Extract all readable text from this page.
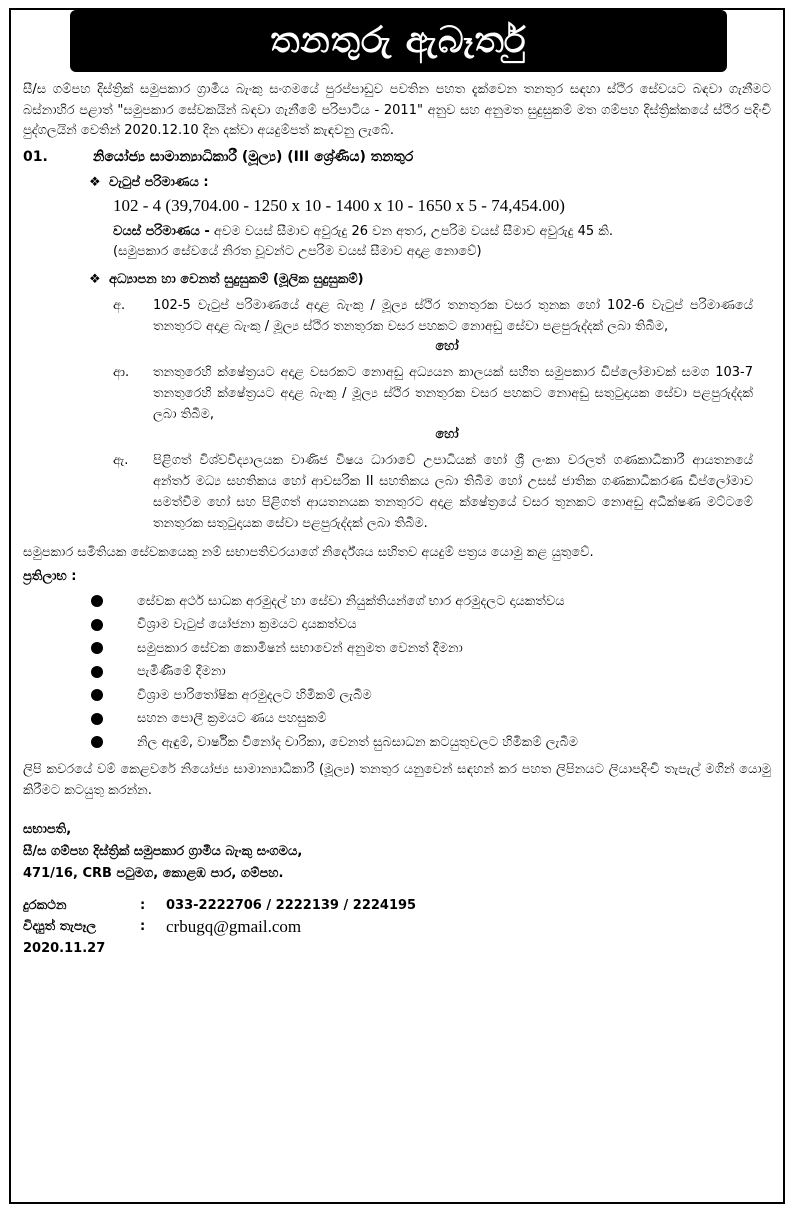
තනතුරු ඇබෑර්තු

සී/ස ගම්පහ දිස්ත්‍රික් සමුපකාර ග්‍රාමීය බැංකු සංගමයේ පුරප්පාඩුව පවතින පහත දැක්වෙන තනතුර සඳහා ස්ථිර සේවයට බඳවා ගැනීමට බස්නාහිර පළාත් "සමුපකාර සේවකයින් බඳවා ගැනීමේ පරිපාටිය - 2011" අනුව සහ අනුමත සුදුසුකම් මත ගම්පහ දිස්ත්‍රික්කයේ ස්ථිර පදිංචි පුද්ගලයින් වෙතින් 2020.12.10 දින දක්වා අයදුම්පත් කැඳවනු ලැබේ.

01.	නියෝජ්‍ය සාමාන්‍යාධිකාරී (මූල්‍ය) (III ශ්‍රේණිය) තනතුර
❖ වැටුප් පරිමාණය :
102 - 4 (39,704.00 - 1250 x 10 - 1400 x 10 - 1650 x 5 - 74,454.00)
වයස් පරිමාණය - අවම වයස් සීමාව අවුරුදු 26 වන අතර, උපරිම වයස් සීමාව අවුරුදු 45 කි.
(සමුපකාර සේවයේ නිරත වූවන්ට උපරිම වයස් සීමාව අදාළ නොවේ)
❖ අධ්‍යාපන හා වෙනත් සුදුසුකම් (මූලික සුදුසුකම්)
අ.	102-5 වැටුප් පරිමාණයේ අදාළ බැංකු / මූල්‍ය ස්ථිර තනතුරක වසර තුනක හෝ 102-6 වැටුප් පරිමාණයේ තනතුරට අදාළ බැංකු / මූල්‍ය ස්ථිර තනතුරක වසර පහකට නොඅඩු සේවා පළපුරුද්දක් ලබා තිබීම,
හෝ
ආ.	තනතුරෙහි ක්ෂේත්‍රයට අදාළ වසරකට නොඅඩු අධ්‍යයන කාලයක් සහිත සමුපකාර ඩිප්ලෝමාවක් සමග 103-7 තනතුරෙහි ක්ෂේත්‍රයට අදාළ බැංකු / මූල්‍ය ස්ථිර තනතුරක වසර පහකට නොඅඩු සතුටුදායක සේවා පළපුරුද්දක් ලබා තිබීම,
හෝ
ඇ.	පිළිගත් විශ්වවිද්‍යාලයක වාණිජ විෂය ධාරාවේ උපාධියක් හෝ ශ්‍රී ලංකා වරලත් ගණකාධිකාරී ආයතනයේ අන්තර් මධ්‍ය සහතිකය හෝ ආවසරික II සහතිකය ලබා තිබීම හෝ උසස් ජාතික ගණකාධිකරණ ඩිප්ලෝමාව සමත්වීම හෝ සහ පිළිගත් ආයතනයක තනතුරට අදාළ ක්ෂේත්‍රයේ වසර තුනකට නොඅඩු අධීක්ෂණ මට්ටමේ තනතුරක සතුටුදායක සේවා පළපුරුද්දක් ලබා තිබීම.
සමුපකාර සමිතියක සේවකයෙකු නම් සභාපතිවරයාගේ නිර්දේශය සහිතව අයදුම් පත්‍රය යොමු කළ යුතුවේ.
ප්‍රතිලාභ :
සේවක අර්ථ සාධක අරමුදල් හා සේවා නියුක්තියන්ගේ භාර අරමුදලට දායකත්වය
විශ්‍රාම වැටුප් යෝජනා ක්‍රමයට දායකත්වය
සමුපකාර සේවක කොමිෂන් සභාවෙන් අනුමත වෙනත් දීමනා
පැමිණීමේ දීමනා
විශ්‍රාම පාරිතෝෂික අරමුදලට හිමිකම් ලැබීම
සහන පොලී ක්‍රමයට ණය පහසුකම්
නිල ඇඳුම්, වාර්ෂික විනෝද චාරිකා, වෙනත් සුබසාධන කටයුතුවලට හිමිකම් ලැබීම
ලිපි කවරයේ වම් කෙළවරේ නියෝජ්‍ය සාමාන්‍යාධිකාරී (මූල්‍ය) තනතුර යනුවෙන් සඳහන් කර පහත ලිපිනයට ලියාපදිංචි තැපැල් මගින් යොමු කිරීමට කටයුතු කරන්න.
සභාපති,
සී/ස ගම්පහ දිස්ත්‍රික් සමුපකාර ග්‍රාමීය බැංකු සංගමය,
471/16, CRB පටුමග, කොළඹ පාර, ගම්පහ.
දුරකථන	:	033-2222706 / 2222139 / 2224195
විද්‍යුත් තැපෑල	:	crbugq@gmail.com
2020.11.27
